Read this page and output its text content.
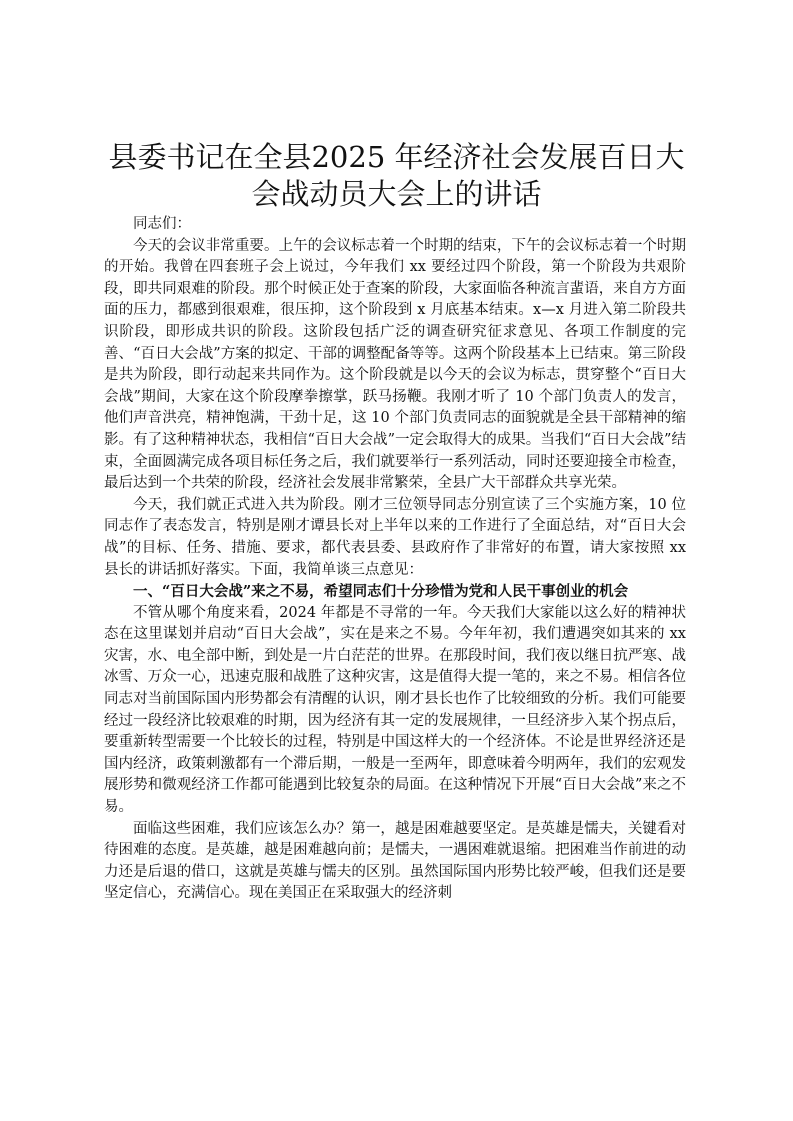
县委书记在全县2025 年经济社会发展百日大会战动员大会上的讲话

同志们：

今天的会议非常重要。上午的会议标志着一个时期的结束，下午的会议标志着一个时期的开始。我曾在四套班子会上说过，今年我们 xx 要经过四个阶段，第一个阶段为共艰阶段，即共同艰难的阶段。那个时候正处于查案的阶段，大家面临各种流言蜚语，来自方方面面的压力，都感到很艰难，很压抑，这个阶段到 x 月底基本结束。x—x 月进入第二阶段共识阶段，即形成共识的阶段。这阶段包括广泛的调查研究征求意见、各项工作制度的完善、“百日大会战”方案的拟定、干部的调整配备等等。这两个阶段基本上已结束。第三阶段是共为阶段，即行动起来共同作为。这个阶段就是以今天的会议为标志，贯穿整个“百日大会战”期间，大家在这个阶段摩拳擦掌，跃马扬鞭。我刚才听了 10 个部门负责人的发言，他们声音洪亮，精神饱满，干劲十足，这 10 个部门负责同志的面貌就是全县干部精神的缩影。有了这种精神状态，我相信“百日大会战”一定会取得大的成果。当我们“百日大会战”结束，全面圆满完成各项目标任务之后，我们就要举行一系列活动，同时还要迎接全市检查，最后达到一个共荣的阶段，经济社会发展非常繁荣，全县广大干部群众共享光荣。

今天，我们就正式进入共为阶段。刚才三位领导同志分别宣读了三个实施方案，10 位同志作了表态发言，特别是刚才谭县长对上半年以来的工作进行了全面总结，对“百日大会战”的目标、任务、措施、要求，都代表县委、县政府作了非常好的布置，请大家按照 xx 县长的讲话抓好落实。下面，我简单谈三点意见：

一、“百日大会战”来之不易，希望同志们十分珍惜为党和人民干事创业的机会

不管从哪个角度来看，2024 年都是不寻常的一年。今天我们大家能以这么好的精神状态在这里谋划并启动“百日大会战”，实在是来之不易。今年年初，我们遭遇突如其来的 xx 灾害，水、电全部中断，到处是一片白茫茫的世界。在那段时间，我们夜以继日抗严寒、战冰雪、万众一心，迅速克服和战胜了这种灾害，这是值得大提一笔的，来之不易。相信各位同志对当前国际国内形势都会有清醒的认识，刚才县长也作了比较细致的分析。我们可能要经过一段经济比较艰难的时期，因为经济有其一定的发展规律，一旦经济步入某个拐点后，要重新转型需要一个比较长的过程，特别是中国这样大的一个经济体。不论是世界经济还是国内经济，政策刺激都有一个滞后期，一般是一至两年，即意味着今明两年，我们的宏观发展形势和微观经济工作都可能遇到比较复杂的局面。在这种情况下开展“百日大会战”来之不易。

面临这些困难，我们应该怎么办？第一，越是困难越要坚定。是英雄是懦夫，关键看对待困难的态度。是英雄，越是困难越向前；是懦夫，一遇困难就退缩。把困难当作前进的动力还是后退的借口，这就是英雄与懦夫的区别。虽然国际国内形势比较严峻，但我们还是要坚定信心，充满信心。现在美国正在采取强大的经济刺
